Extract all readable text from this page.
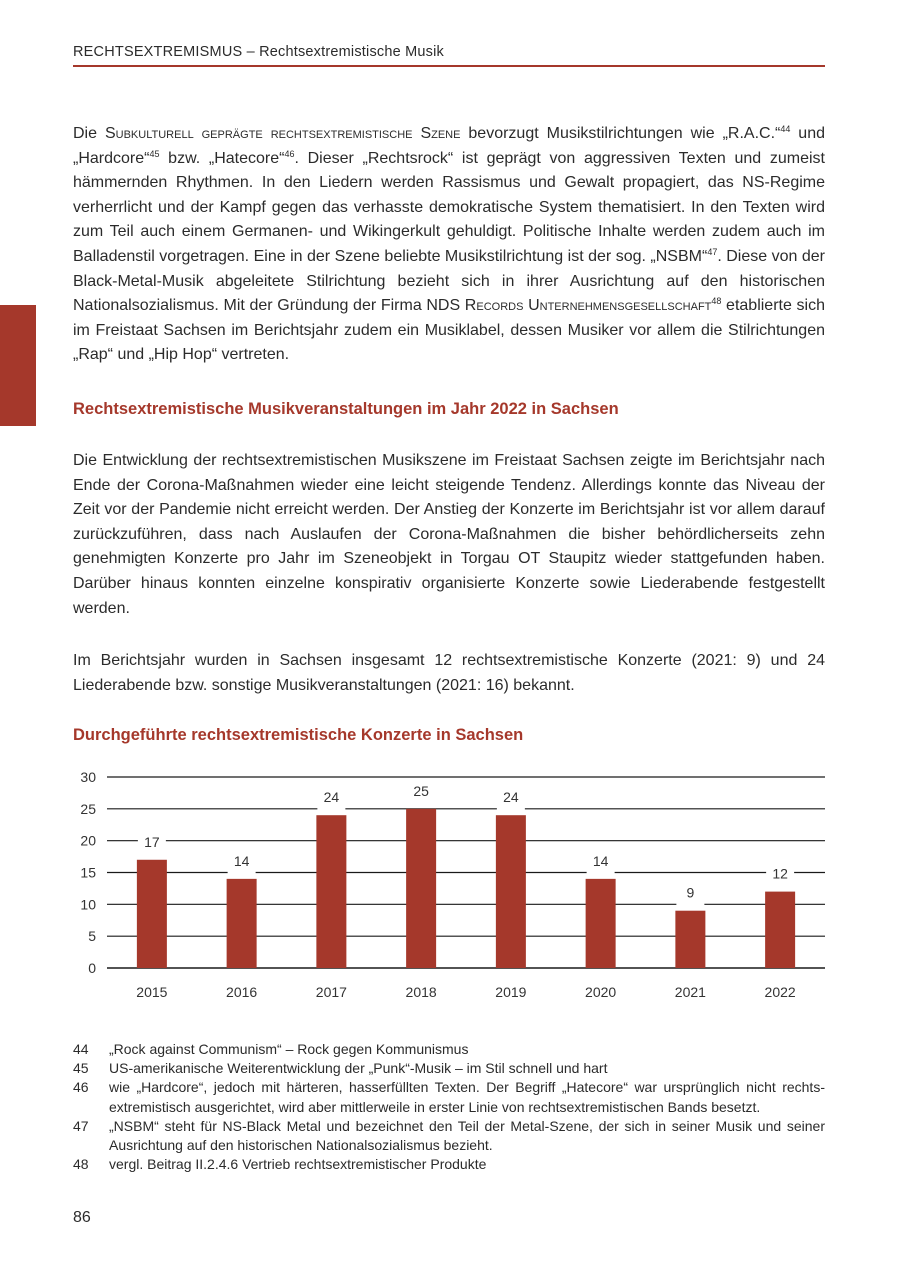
RECHTSEXTREMISMUS – Rechtsextremistische Musik
Die Subkulturell geprägte rechtsextremistische Szene bevorzugt Musikstilrichtungen wie „R.A.C.“$^{44}$ und „Hardcore“$^{45}$ bzw. „Hatecore“$^{46}$. Dieser „Rechtsrock“ ist geprägt von aggressiven Texten und zumeist hämmernden Rhythmen. In den Liedern werden Rassismus und Gewalt propagiert, das NS-Regime verherrlicht und der Kampf gegen das verhasste demokratische System thematisiert. In den Texten wird zum Teil auch einem Germanen- und Wikingerkult gehuldigt. Politische Inhalte werden zudem auch im Balladenstil vorgetragen. Eine in der Szene beliebte Musikstilrichtung ist der sog. „NSBM“$^{47}$. Diese von der Black-Metal-Musik abgeleitete Stilrichtung bezieht sich in ihrer Ausrichtung auf den historischen Nationalsozialismus. Mit der Gründung der Firma NDS Records Unternehmensgesellschaft$^{48}$ etablierte sich im Freistaat Sachsen im Berichtsjahr zudem ein Musiklabel, dessen Musiker vor allem die Stilrichtungen „Rap“ und „Hip Hop“ vertreten.
Rechtsextremistische Musikveranstaltungen im Jahr 2022 in Sachsen
Die Entwicklung der rechtsextremistischen Musikszene im Freistaat Sachsen zeigte im Berichtsjahr nach Ende der Corona-Maßnahmen wieder eine leicht steigende Tendenz. Allerdings konnte das Niveau der Zeit vor der Pandemie nicht erreicht werden. Der Anstieg der Konzerte im Berichtsjahr ist vor allem darauf zurückzuführen, dass nach Auslaufen der Corona-Maßnahmen die bisher behördlicherseits zehn genehmigten Konzerte pro Jahr im Szeneobjekt in Torgau OT Staupitz wieder stattgefunden haben. Darüber hinaus konnten einzelne konspirativ organisierte Konzerte sowie Liederabende festgestellt werden.
Im Berichtsjahr wurden in Sachsen insgesamt 12 rechtsextremistische Konzerte (2021: 9) und 24 Liederabende bzw. sonstige Musikveranstaltungen (2021: 16) bekannt.
Durchgeführte rechtsextremistische Konzerte in Sachsen
0
5
10
15
20
25
30
17
2015
14
2016
24
2017
25
2018
24
2019
14
2020
9
2021
12
2022
44	„Rock against Communism“ – Rock gegen Kommunismus
45	US-amerikanische Weiterentwicklung der „Punk“-Musik – im Stil schnell und hart
46	wie „Hardcore“, jedoch mit härteren, hasserfüllten Texten. Der Begriff „Hatecore“ war ursprünglich nicht rechtsextremistisch ausgerichtet, wird aber mittlerweile in erster Linie von rechtsextremistischen Bands besetzt.
47	„NSBM“ steht für NS-Black Metal und bezeichnet den Teil der Metal-Szene, der sich in seiner Musik und seiner Ausrichtung auf den historischen Nationalsozialismus bezieht.
48	vergl. Beitrag II.2.4.6 Vertrieb rechtsextremistischer Produkte
86
